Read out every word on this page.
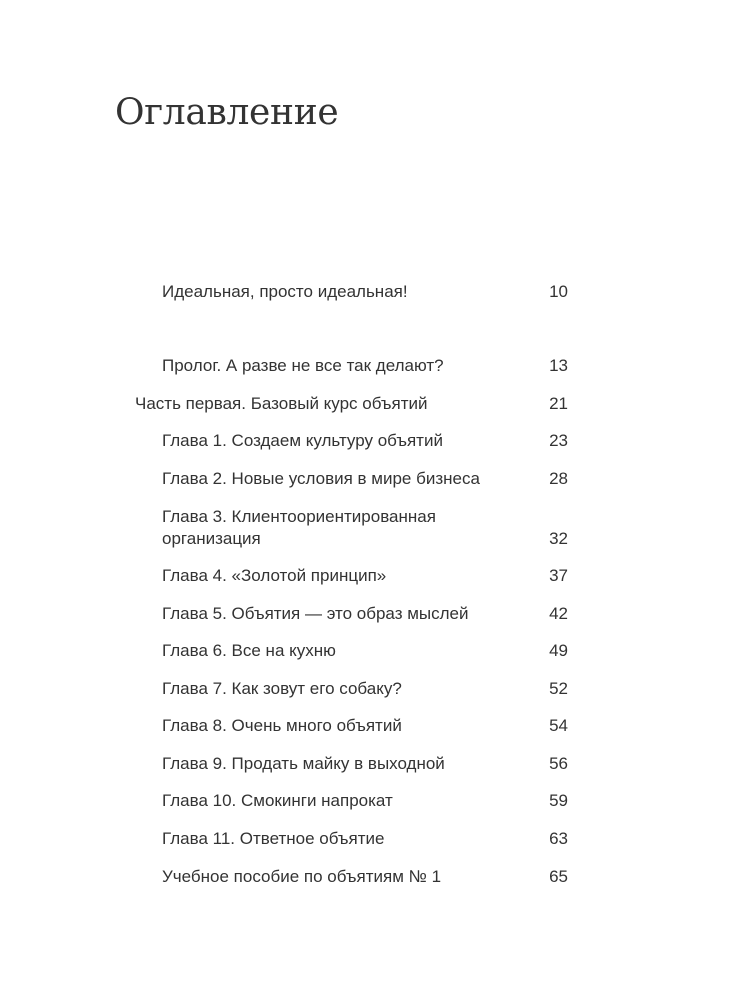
Оглавление
Идеальная, просто идеальная!	10
Пролог. А разве не все так делают?	13
Часть первая. Базовый курс объятий	21
Глава 1. Создаем культуру объятий	23
Глава 2. Новые условия в мире бизнеса	28
Глава 3. Клиентоориентированная организация	32
Глава 4. «Золотой принцип»	37
Глава 5. Объятия — это образ мыслей	42
Глава 6. Все на кухню	49
Глава 7. Как зовут его собаку?	52
Глава 8. Очень много объятий	54
Глава 9. Продать майку в выходной	56
Глава 10. Смокинги напрокат	59
Глава 11. Ответное объятие	63
Учебное пособие по объятиям № 1	65
